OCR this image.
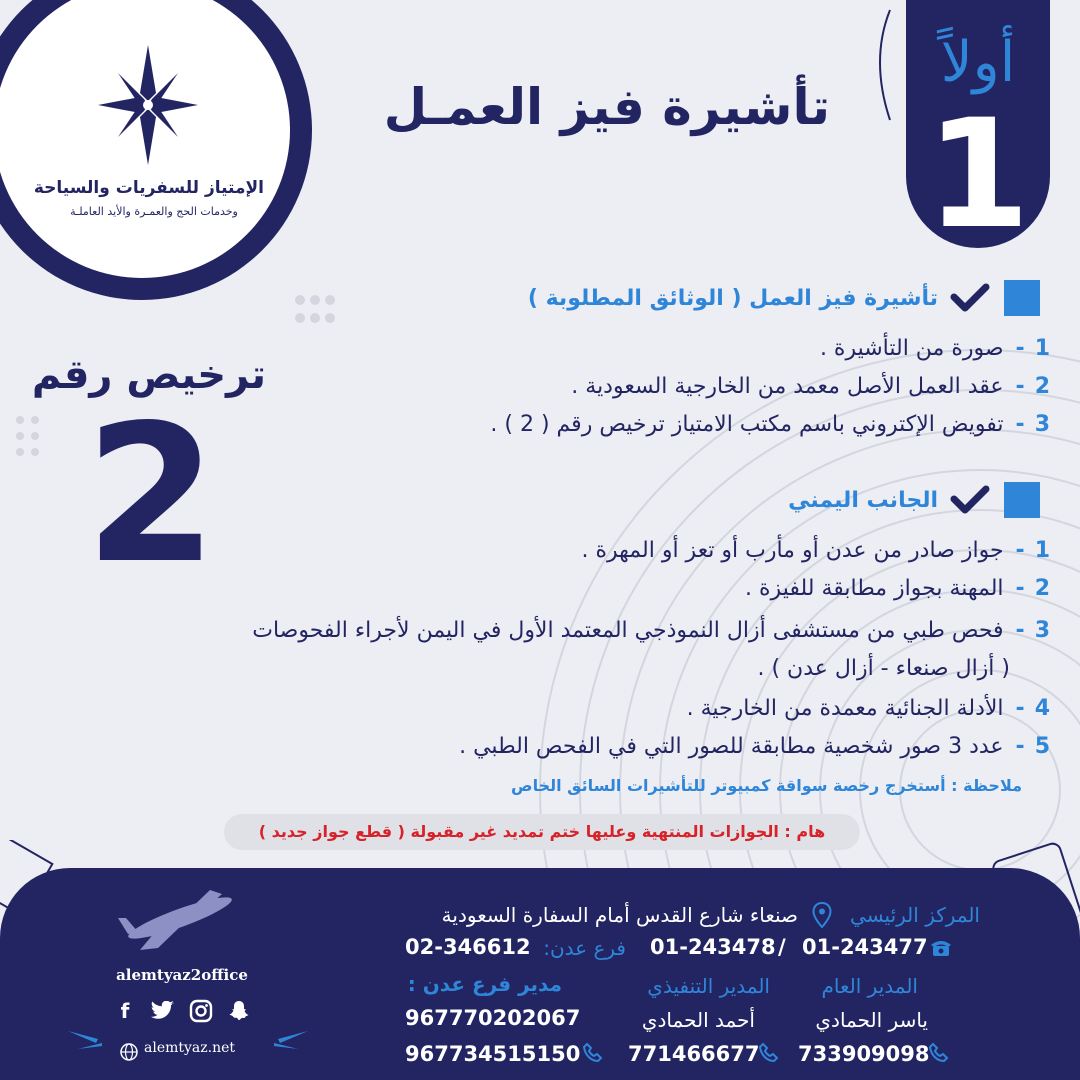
الإمتياز للسفريات والسياحة
وخدمات الحج والعمـرة والأيد العاملـة
أولاً
1
تأشيرة فيز العمـل
ترخيص رقم
2
تأشيرة فيز العمل ( الوثائق المطلوبة )
1
-
صورة من التأشيرة .
2
-
عقد العمل الأصل معمد من الخارجية السعودية .
3
-
تفويض الإكتروني باسم مكتب الامتياز ترخيص رقم ( 2 ) .
الجانب اليمني
1
-
جواز صادر من عدن أو مأرب أو تعز أو المهرة .
2
-
المهنة بجواز مطابقة للفيزة .
3
-
فحص طبي من مستشفى أزال النموذجي المعتمد الأول في اليمن لأجراء الفحوصات
( أزال صنعاء - أزال عدن ) .
4
-
الأدلة الجنائية معمدة من الخارجية .
5
-
عدد 3 صور شخصية مطابقة للصور التي في الفحص الطبي .
ملاحظة : أستخرج رخصة سواقة كمبيوتر للتأشيرات السائق الخاص
هام : الجوازات المنتهية وعليها ختم تمديد غير مقبولة ( قطع جواز جديد )
alemtyaz2office
f
alemtyaz.net
المركز الرئيسي
صنعاء شارع القدس أمام السفارة السعودية
01-243477
/
01-243478
فرع عدن:
02-346612
المدير العام
المدير التنفيذي
مدير فرع عدن :
ياسر الحمادي
أحمد الحمادي
967770202067
733909098
771466677
967734515150
